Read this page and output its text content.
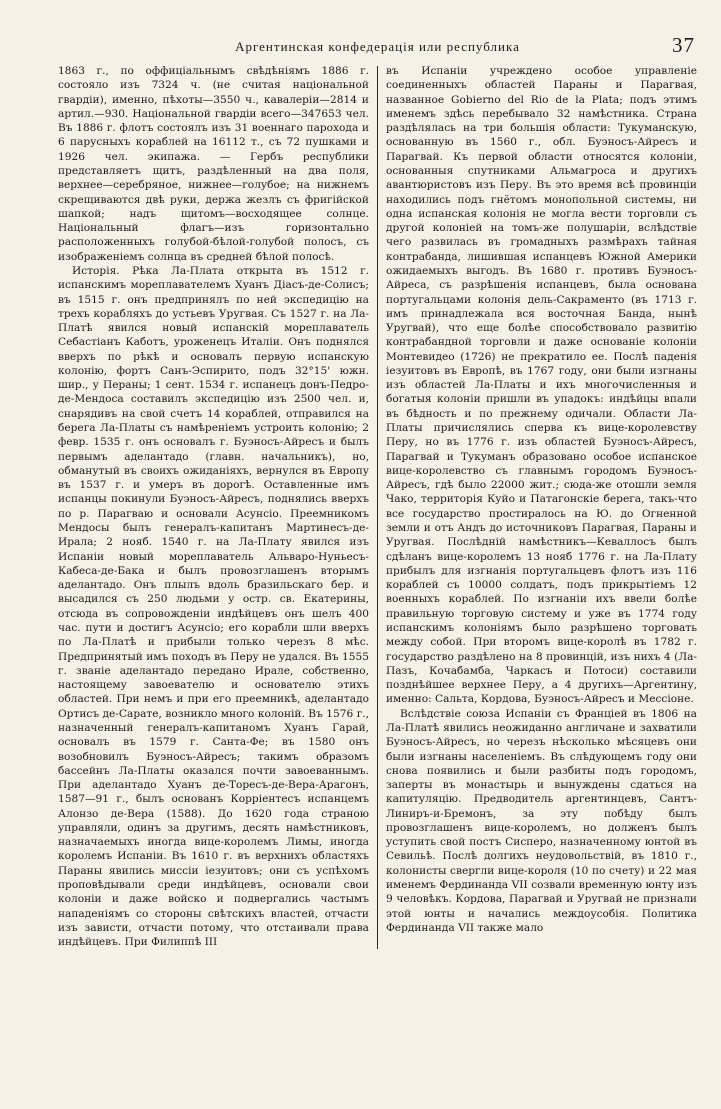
Аргентинская конфедерація или республика	37

1863 г., по оффиціальнымъ свѣдѣніямъ 1886 г. состояло изъ 7324 ч. (не считая національной гвардіи), именно, пѣхоты—3550 ч., кавалеріи—2814 и артил.—930. Національной гвардіи всего—347653 чел. Въ 1886 г. флотъ состоялъ изъ 31 военнаго парохода и 6 парусныхъ кораблей на 16112 т., съ 72 пушками и 1926 чел. экипажа. — Гербъ республики представляетъ щитъ, раздѣленный на два поля, верхнее—серебряное, нижнее—голубое; на нижнемъ скрещиваются двѣ руки, держа жезлъ съ фригійской шапкой; надъ щитомъ—восходящее солнце. Національный флагъ—изъ горизонтально расположенныхъ голубой-бѣлой-голубой полосъ, съ изображеніемъ солнца въ средней бѣлой полосѣ.

Исторія. Рѣка Ла-Плата открыта въ 1512 г. испанскимъ мореплавателемъ Хуанъ Діасъ-де-Солисъ; въ 1515 г. онъ предпринялъ по ней экспедицію на трехъ корабляхъ до устьевъ Уругвая. Съ 1527 г. на Ла-Платѣ явился новый испанскій мореплаватель Себастіанъ Каботъ, уроженецъ Италіи. Онъ поднялся вверхъ по рѣкѣ и основалъ первую испанскую колонію, фортъ Санъ-Эспирито, подъ 32°15' южн. шир., у Пераны; 1 сент. 1534 г. испанецъ донъ-Педро-де-Мендоса составилъ экспедицію изъ 2500 чел. и, снарядивъ на свой счетъ 14 кораблей, отправился на берега Ла-Платы съ намѣреніемъ устроить колонію; 2 февр. 1535 г. онъ основалъ г. Буэносъ-Айресъ и былъ первымъ аделантадо (главн. начальникъ), но, обманутый въ своихъ ожиданіяхъ, вернулся въ Европу въ 1537 г. и умеръ въ дорогѣ. Оставленные имъ испанцы покинули Буэносъ-Айресъ, поднялись вверхъ по р. Парагваю и основали Асунсіо. Преемникомъ Мендосы былъ генералъ-капитанъ Мартинесъ-де-Ирала; 2 нояб. 1540 г. на Ла-Плату явился изъ Испаніи новый мореплаватель Альваро-Нуньесъ-Кабеса-де-Бака и былъ провозглашенъ вторымъ аделантадо. Онъ плылъ вдоль бразильскаго бер. и высадился съ 250 людьми у остр. св. Екатерины, отсюда въ сопровожденіи индѣйцевъ онъ шелъ 400 час. пути и достигъ Асунсіо; его корабли шли вверхъ по Ла-Платѣ и прибыли только черезъ 8 мѣс. Предпринятый имъ походъ въ Перу не удался. Въ 1555 г. званіе аделантадо передано Ирале, собственно, настоящему завоевателю и основателю этихъ областей. При немъ и при его преемникѣ, аделантадо Ортисъ де-Сарате, возникло много колоній. Въ 1576 г., назначенный генералъ-капитаномъ Хуанъ Гарай, основалъ въ 1579 г. Санта-Фе; въ 1580 онъ возобновилъ Буэносъ-Айресъ; такимъ образомъ бассейнъ Ла-Платы оказался почти завоеваннымъ. При аделантадо Хуанъ де-Торесъ-де-Вера-Арагонъ, 1587—91 г., былъ основанъ Корріентесъ испанцемъ Алонзо де-Вера (1588). До 1620 года страною управляли, одинъ за другимъ, десять намѣстниковъ, назначаемыхъ иногда вице-королемъ Лимы, иногда королемъ Испаніи. Въ 1610 г. въ верхнихъ областяхъ Параны явились миссіи іезуитовъ; они съ успѣхомъ проповѣдывали среди индѣйцевъ, основали свои колоніи и даже войско и подвергались частымъ нападеніямъ со стороны свѣтскихъ властей, отчасти изъ зависти, отчасти потому, что отстаивали права индѣйцевъ. При Филиппѣ III

въ Испаніи учреждено особое управленіе соединенныхъ областей Параны и Парагвая, названное Gobierno del Rio de la Plata; подъ этимъ именемъ здѣсь перебывало 32 намѣстника. Страна раздѣлялась на три большія области: Тукуманскую, основанную въ 1560 г., обл. Буэносъ-Айресъ и Парагвай. Къ первой области относятся колоніи, основанныя спутниками Альмагроса и другихъ авантюристовъ изъ Перу. Въ это время всѣ провинціи находились подъ гнётомъ монопольной системы, ни одна испанская колонія не могла вести торговли съ другой колоніей на томъ-же полушаріи, вслѣдствіе чего развилась въ громадныхъ размѣрахъ тайная контрабанда, лишившая испанцевъ Южной Америки ожидаемыхъ выгодъ. Въ 1680 г. противъ Буэносъ-Айреса, съ разрѣшенія испанцевъ, была основана португальцами колонія дель-Сакраменто (въ 1713 г. имъ принадлежала вся восточная Банда, нынѣ Уругвай), что еще болѣе способствовало развитію контрабандной торговли и даже основаніе колоніи Монтевидео (1726) не прекратило ее. Послѣ паденія іезуитовъ въ Европѣ, въ 1767 году, они были изгнаны изъ областей Ла-Платы и ихъ многочисленныя и богатыя колоніи пришли въ упадокъ: индѣйцы впали въ бѣдность и по прежнему одичали. Области Ла-Платы причислялись сперва къ вице-королевству Перу, но въ 1776 г. изъ областей Буэносъ-Айресъ, Парагвай и Тукуманъ образовано особое испанское вице-королевство съ главнымъ городомъ Буэносъ-Айресъ, гдѣ было 22000 жит.; сюда-же отошли земля Чако, территорія Куйо и Патагонскіе берега, такъ-что все государство простиралось на Ю. до Огненной земли и отъ Андъ до источниковъ Парагвая, Параны и Уругвая. Послѣдній намѣстникъ—Кеваллосъ былъ сдѣланъ вице-королемъ 13 нояб 1776 г. на Ла-Плату прибылъ для изгнанія португальцевъ флотъ изъ 116 кораблей съ 10000 солдатъ, подъ прикрытіемъ 12 военныхъ кораблей. По изгнаніи ихъ ввели болѣе правильную торговую систему и уже въ 1774 году испанскимъ колоніямъ было разрѣшено торговать между собой. При второмъ вице-королѣ въ 1782 г. государство раздѣлено на 8 провинцій, изъ нихъ 4 (Ла-Пазъ, Кочабамба, Чаркасъ и Потоси) составили позднѣйшее верхнее Перу, а 4 другихъ—Аргентину, именно: Сальта, Кордова, Буэносъ-Айресъ и Мессіоне.

Вслѣдствіе союза Испаніи съ Франціей въ 1806 на Ла-Платѣ явились неожиданно англичане и захватили Буэносъ-Айресъ, но черезъ нѣсколько мѣсяцевъ они были изгнаны населеніемъ. Въ слѣдующемъ году они снова появились и были разбиты подъ городомъ, заперты въ монастырь и вынуждены сдаться на капитуляцію. Предводитель аргентинцевъ, Сантъ-Линиръ-и-Бремонъ, за эту побѣду былъ провозглашенъ вице-королемъ, но долженъ былъ уступить свой постъ Сисперо, назначенному юнтой въ Севильѣ. Послѣ долгихъ неудовольствій, въ 1810 г., колонисты свергли вице-короля (10 по счету) и 22 мая именемъ Фердинанда VII созвали временную юнту изъ 9 человѣкъ. Кордова, Парагвай и Уругвай не признали этой юнты и начались междоусобія. Политика Фердинанда VII также мало
